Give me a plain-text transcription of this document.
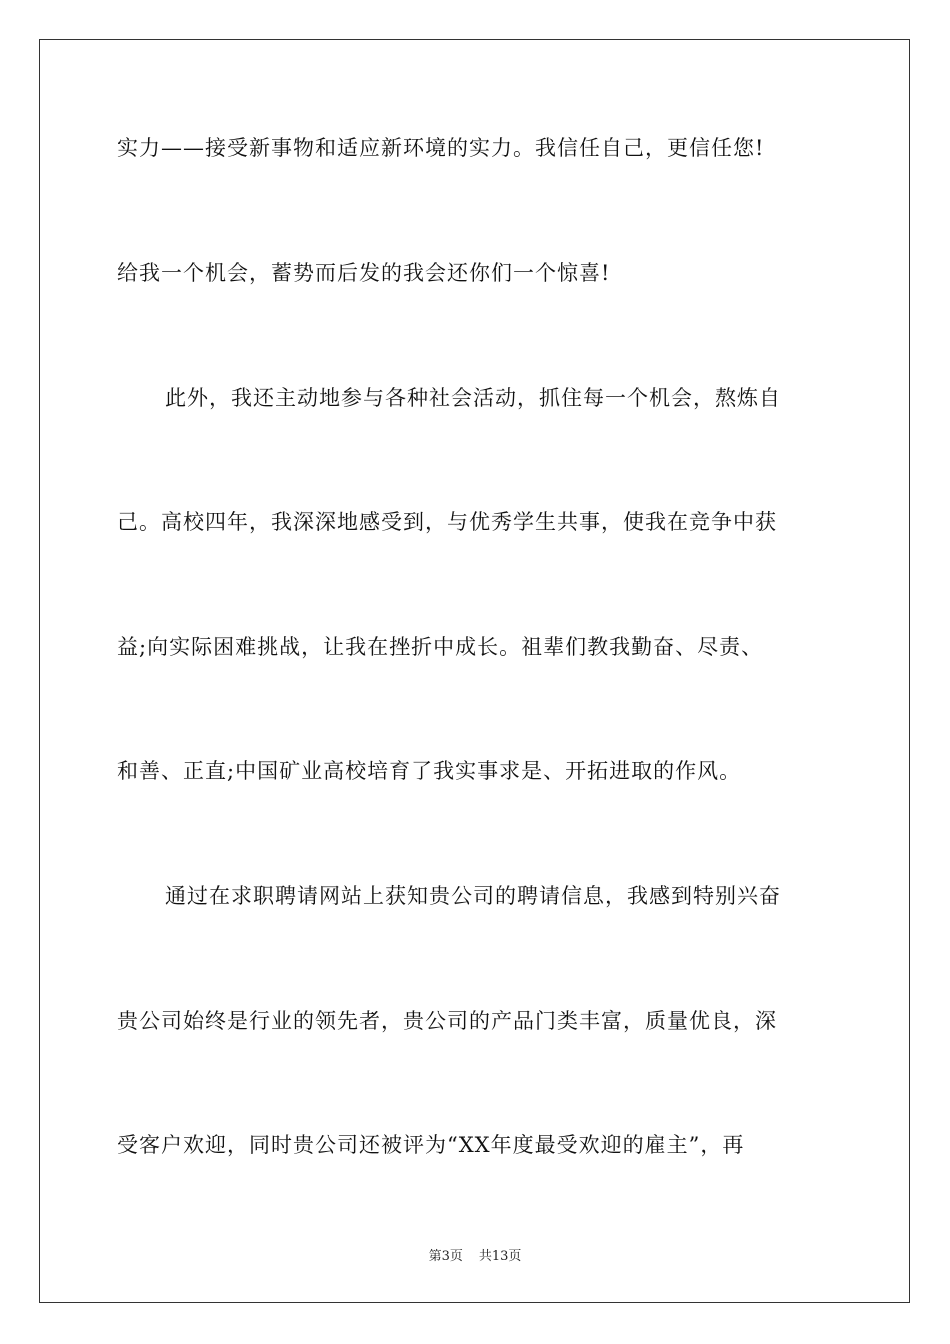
实力——接受新事物和适应新环境的实力。我信任自己，更信任您!
给我一个机会，蓄势而后发的我会还你们一个惊喜!
此外，我还主动地参与各种社会活动，抓住每一个机会，熬炼自
己。高校四年，我深深地感受到，与优秀学生共事，使我在竞争中获
益;向实际困难挑战，让我在挫折中成长。祖辈们教我勤奋、尽责、
和善、正直;中国矿业高校培育了我实事求是、开拓进取的作风。
通过在求职聘请网站上获知贵公司的聘请信息，我感到特别兴奋
贵公司始终是行业的领先者，贵公司的产品门类丰富，质量优良，深
受客户欢迎，同时贵公司还被评为“XX年度最受欢迎的雇主”，再
第3页 共13页
